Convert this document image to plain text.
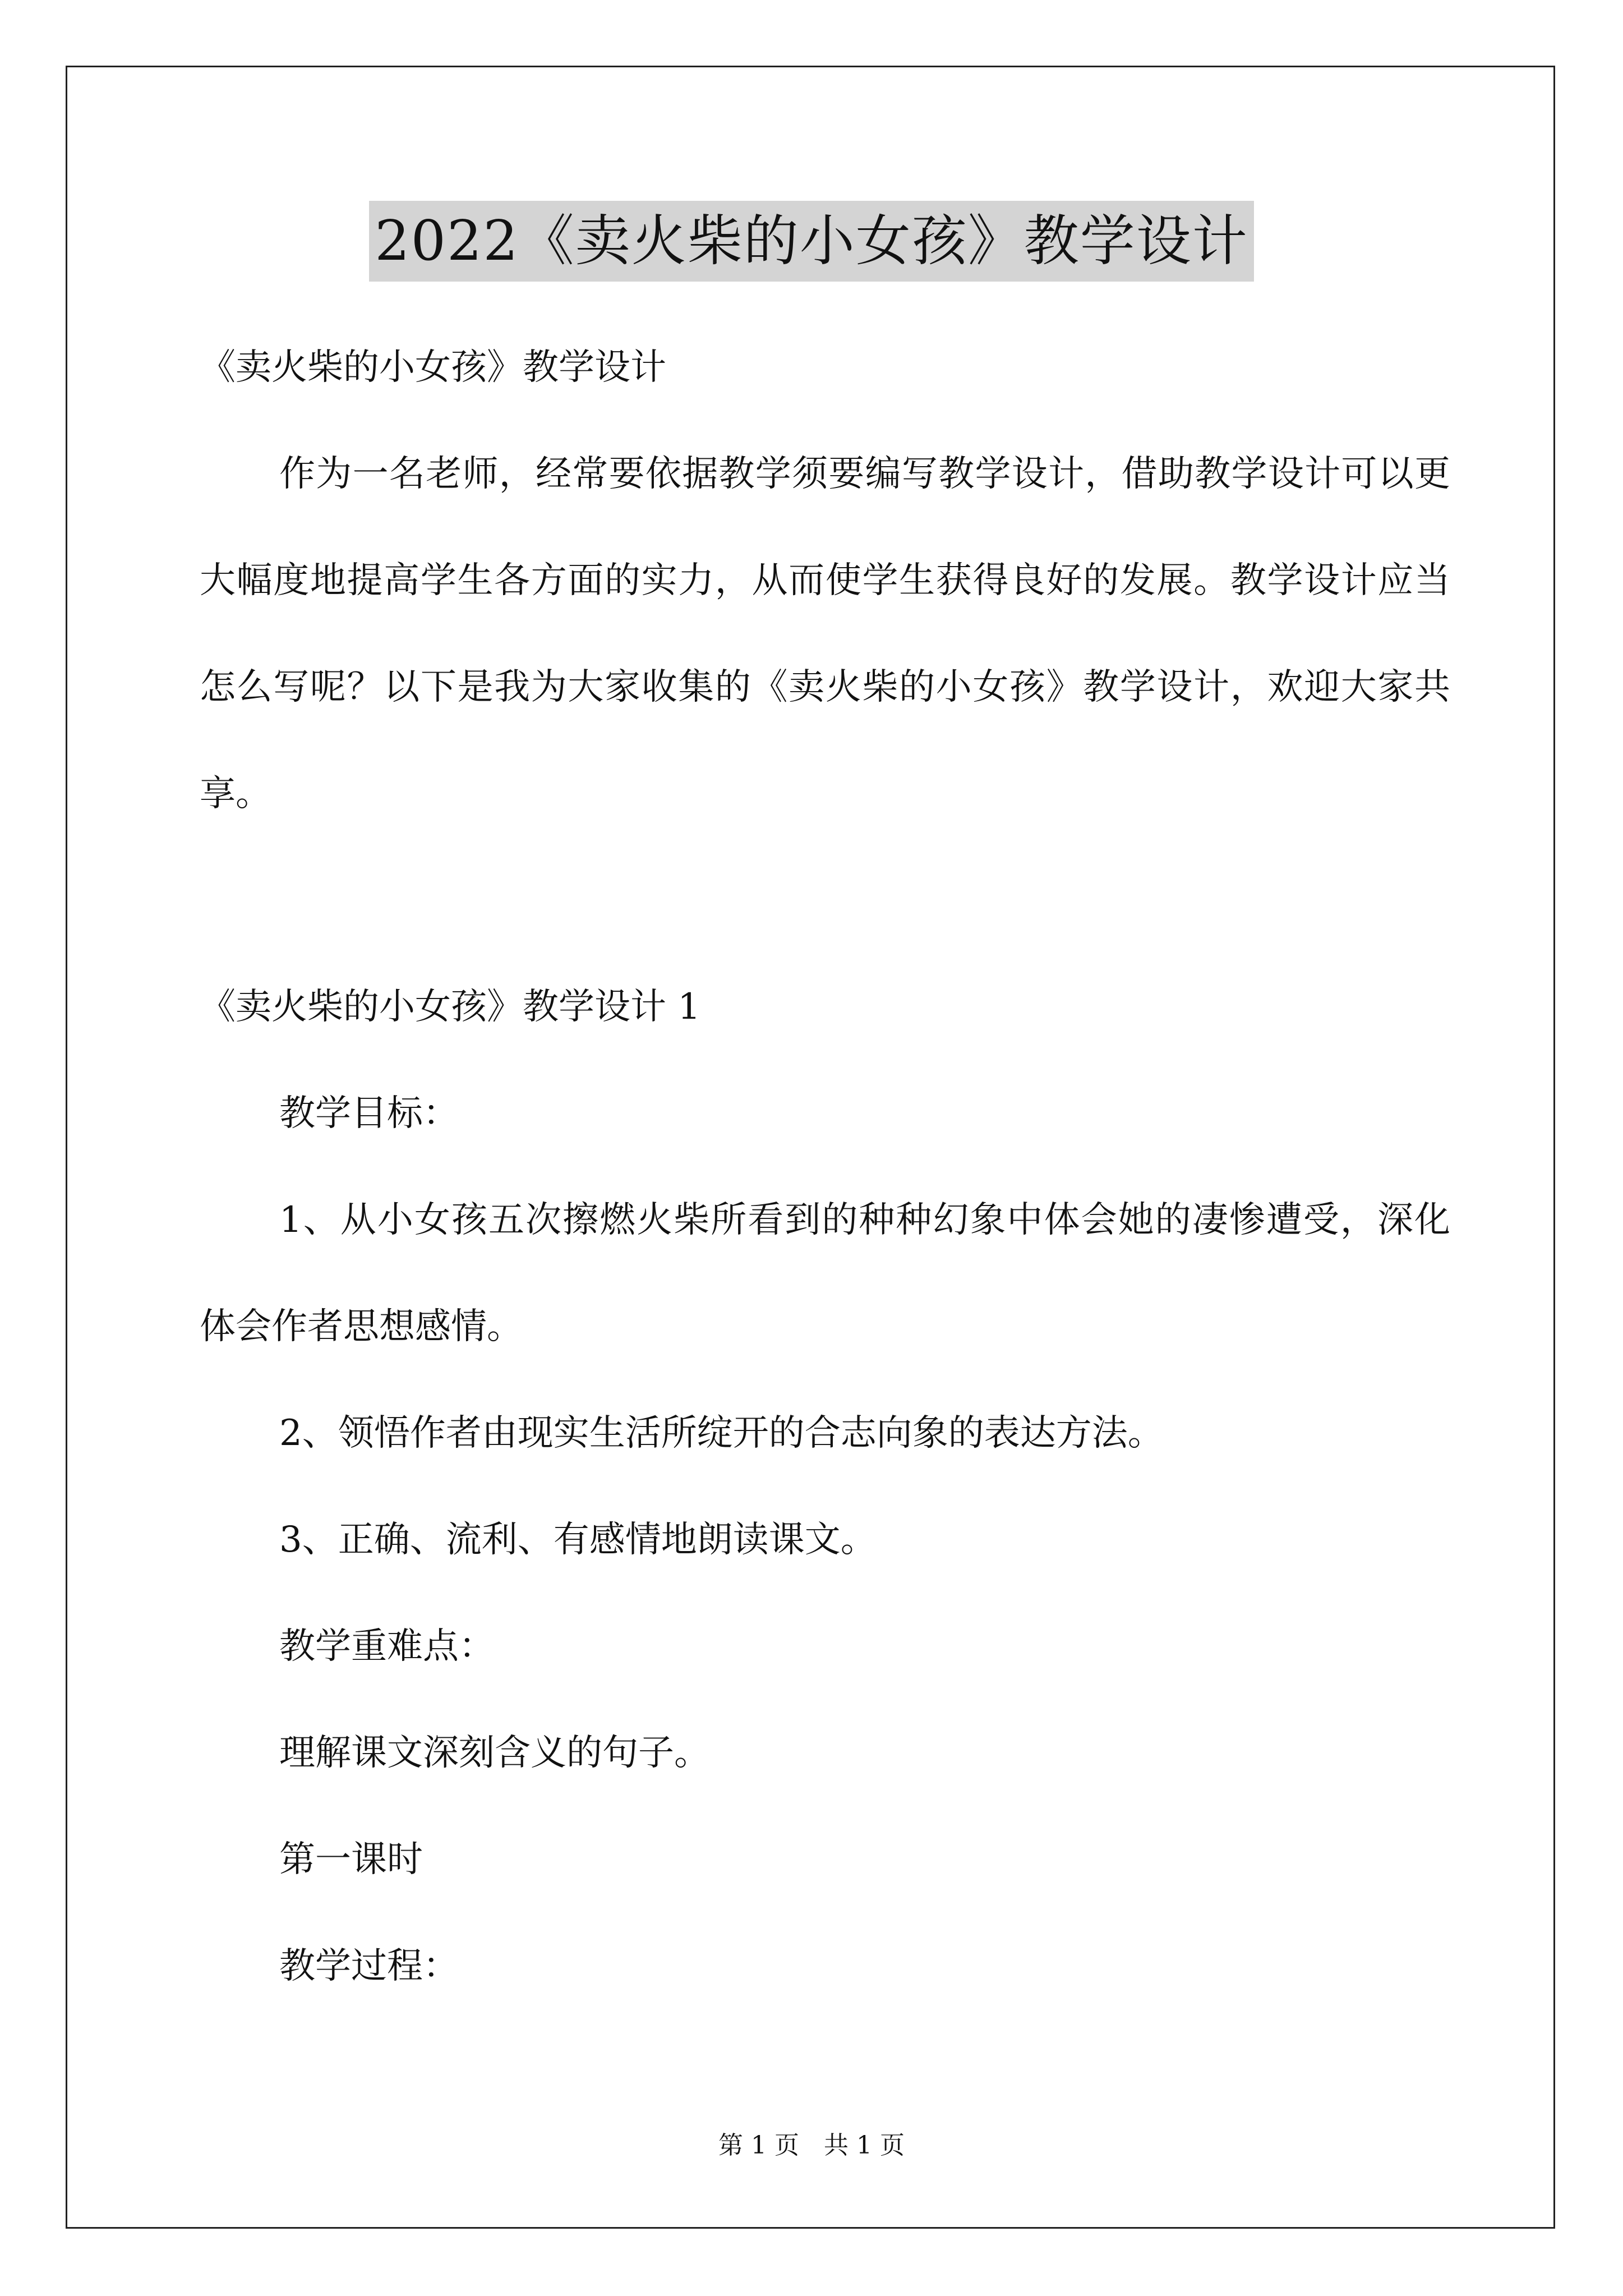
2022《卖火柴的小女孩》教学设计

《卖火柴的小女孩》教学设计

作为一名老师，经常要依据教学须要编写教学设计，借助教学设计可以更大幅度地提高学生各方面的实力，从而使学生获得良好的发展。教学设计应当怎么写呢？以下是我为大家收集的《卖火柴的小女孩》教学设计，欢迎大家共享。

《卖火柴的小女孩》教学设计 1

教学目标：

1、从小女孩五次擦燃火柴所看到的种种幻象中体会她的凄惨遭受，深化体会作者思想感情。

2、领悟作者由现实生活所绽开的合志向象的表达方法。

3、正确、流利、有感情地朗读课文。

教学重难点：

理解课文深刻含义的句子。

第一课时

教学过程：

第 1 页　共 1 页
